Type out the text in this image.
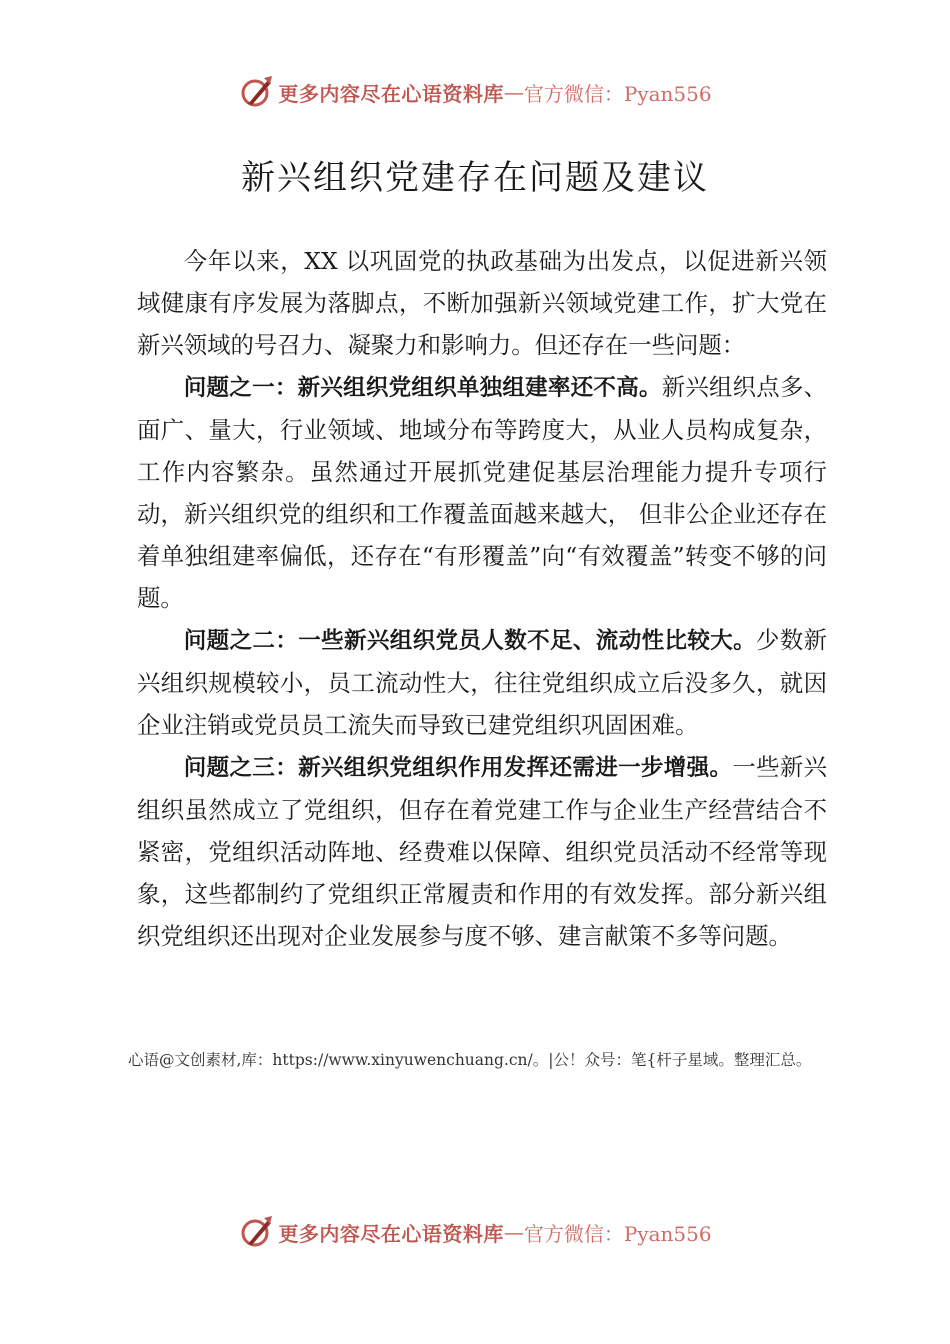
更多内容尽在心语资料库 — 官方微信：Pyan556
新兴组织党建存在问题及建议

今年以来，XX 以巩固党的执政基础为出发点，以促进新兴领域健康有序发展为落脚点，不断加强新兴领域党建工作，扩大党在新兴领域的号召力、凝聚力和影响力。但还存在一些问题：

问题之一：新兴组织党组织单独组建率还不高。新兴组织点多、面广、量大，行业领域、地域分布等跨度大，从业人员构成复杂，工作内容繁杂。虽然通过开展抓党建促基层治理能力提升专项行动，新兴组织党的组织和工作覆盖面越来越大， 但非公企业还存在着单独组建率偏低，还存在“有形覆盖”向“有效覆盖”转变不够的问题。

问题之二：一些新兴组织党员人数不足、流动性比较大。少数新兴组织规模较小，员工流动性大，往往党组织成立后没多久，就因企业注销或党员员工流失而导致已建党组织巩固困难。

问题之三：新兴组织党组织作用发挥还需进一步增强。一些新兴组织虽然成立了党组织，但存在着党建工作与企业生产经营结合不紧密，党组织活动阵地、经费难以保障、组织党员活动不经常等现象，这些都制约了党组织正常履责和作用的有效发挥。部分新兴组织党组织还出现对企业发展参与度不够、建言献策不多等问题。

心语@文创素材,库：https://www.xinyuwenchuang.cn/。|公！众号：笔{杆子星域。整理汇总。
更多内容尽在心语资料库 — 官方微信：Pyan556
